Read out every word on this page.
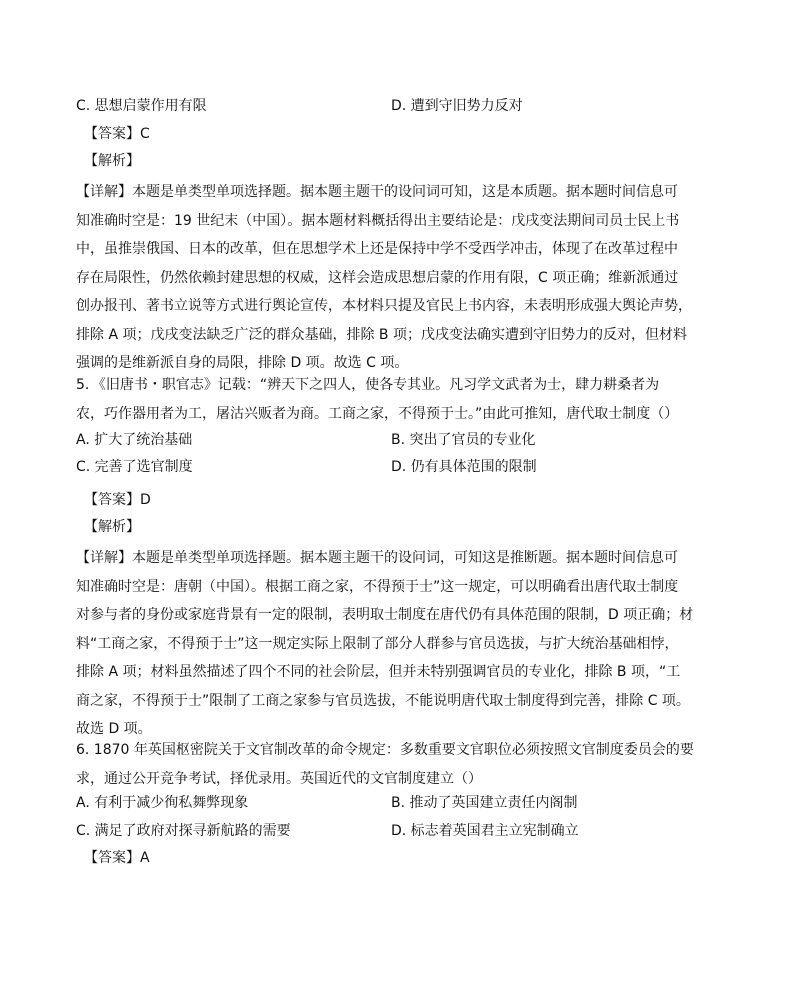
C. 思想启蒙作用有限	D. 遭到守旧势力反对
【答案】C
【解析】
【详解】本题是单类型单项选择题。据本题主题干的设问词可知，这是本质题。据本题时间信息可
知准确时空是：19 世纪末（中国）。据本题材料概括得出主要结论是：戊戌变法期间司员士民上书
中，虽推崇俄国、日本的改革，但在思想学术上还是保持中学不受西学冲击，体现了在改革过程中
存在局限性，仍然依赖封建思想的权威，这样会造成思想启蒙的作用有限，C 项正确；维新派通过
创办报刊、著书立说等方式进行舆论宣传，本材料只提及官民上书内容，未表明形成强大舆论声势，
排除 A 项；戊戌变法缺乏广泛的群众基础，排除 B 项；戊戌变法确实遭到守旧势力的反对，但材料
强调的是维新派自身的局限，排除 D 项。故选 C 项。
5．《旧唐书・职官志》记载：“辨天下之四人，使各专其业。凡习学文武者为士，肆力耕桑者为
农，巧作器用者为工，屠沽兴贩者为商。工商之家，不得预于士。”由此可推知，唐代取士制度（）
A. 扩大了统治基础	B. 突出了官员的专业化
C. 完善了选官制度	D. 仍有具体范围的限制
【答案】D
【解析】
【详解】本题是单类型单项选择题。据本题主题干的设问词，可知这是推断题。据本题时间信息可
知准确时空是：唐朝（中国）。根据工商之家，不得预于士”这一规定，可以明确看出唐代取士制度
对参与者的身份或家庭背景有一定的限制，表明取士制度在唐代仍有具体范围的限制，D 项正确；材
料“工商之家，不得预于士”这一规定实际上限制了部分人群参与官员选拔，与扩大统治基础相悖，
排除 A 项；材料虽然描述了四个不同的社会阶层，但并未特别强调官员的专业化，排除 B 项，“工
商之家，不得预于士”限制了工商之家参与官员选拔，不能说明唐代取士制度得到完善，排除 C 项。
故选 D 项。
6. 1870 年英国枢密院关于文官制改革的命令规定：多数重要文官职位必须按照文官制度委员会的要
求，通过公开竞争考试，择优录用。英国近代的文官制度建立（）
A. 有利于减少徇私舞弊现象	B. 推动了英国建立责任内阁制
C. 满足了政府对探寻新航路的需要	D. 标志着英国君主立宪制确立
【答案】A
